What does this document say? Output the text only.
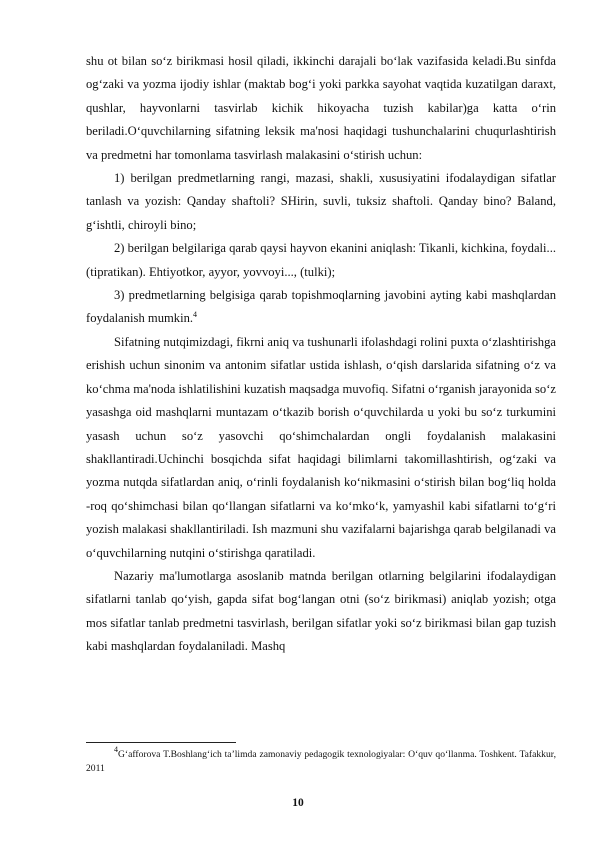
shu ot bilan so‘z birikmasi hosil qiladi, ikkinchi darajali bo‘lak vazifasida keladi.Bu sinfda og‘zaki va yozma ijodiy ishlar (maktab bog‘i yoki parkka sayohat vaqtida kuzatilgan daraxt, qushlar, hayvonlarni tasvirlab kichik hikoyacha tuzish kabilar)ga katta o‘rin beriladi.O‘quvchilarning sifatning leksik ma'nosi haqidagi tushunchalarini chuqurlashtirish va predmetni har tomonlama tasvirlash malakasini o‘stirish uchun:

1) berilgan predmetlarning rangi, mazasi, shakli, xususiyatini ifodalaydigan sifatlar tanlash va yozish: Qanday shaftoli? SHirin, suvli, tuksiz shaftoli. Qanday bino? Baland, g‘ishtli, chiroyli bino;

2) berilgan belgilariga qarab qaysi hayvon ekanini aniqlash: Tikanli, kichkina, foydali... (tipratikan). Ehtiyotkor, ayyor, yovvoyi..., (tulki);

3) predmetlarning belgisiga qarab topishmoqlarning javobini ayting kabi mashqlardan foydalanish mumkin.$^4$

Sifatning nutqimizdagi, fikrni aniq va tushunarli ifolashdagi rolini puxta o‘zlashtirishga erishish uchun sinonim va antonim sifatlar ustida ishlash, o‘qish darslarida sifatning o‘z va ko‘chma ma'noda ishlatilishini kuzatish maqsadga muvofiq. Sifatni o‘rganish jarayonida so‘z yasashga oid mashqlarni muntazam o‘tkazib borish o‘quvchilarda u yoki bu so‘z turkumini yasash uchun so‘z yasovchi qo‘shimchalardan ongli foydalanish malakasini shakllantiradi.Uchinchi bosqichda sifat haqidagi bilimlarni takomillashtirish, og‘zaki va yozma nutqda sifatlardan aniq, o‘rinli foydalanish ko‘nikmasini o‘stirish bilan bog‘liq holda -roq qo‘shimchasi bilan qo‘llangan sifatlarni va ko‘mko‘k, yamyashil kabi sifatlarni to‘g‘ri yozish malakasi shakllantiriladi. Ish mazmuni shu vazifalarni bajarishga qarab belgilanadi va o‘quvchilarning nutqini o‘stirishga qaratiladi.

Nazariy ma'lumotlarga asoslanib matnda berilgan otlarning belgilarini ifodalaydigan sifatlarni tanlab qo‘yish, gapda sifat bog‘langan otni (so‘z birikmasi) aniqlab yozish; otga mos sifatlar tanlab predmetni tasvirlash, berilgan sifatlar yoki so‘z birikmasi bilan gap tuzish kabi mashqlardan foydalaniladi. Mashq

$^4$G‘afforova T.Boshlang‘ich ta’limda zamonaviy pedagogik texnologiyalar: O‘quv qo‘llanma. Toshkent. Tafakkur, 2011
10
